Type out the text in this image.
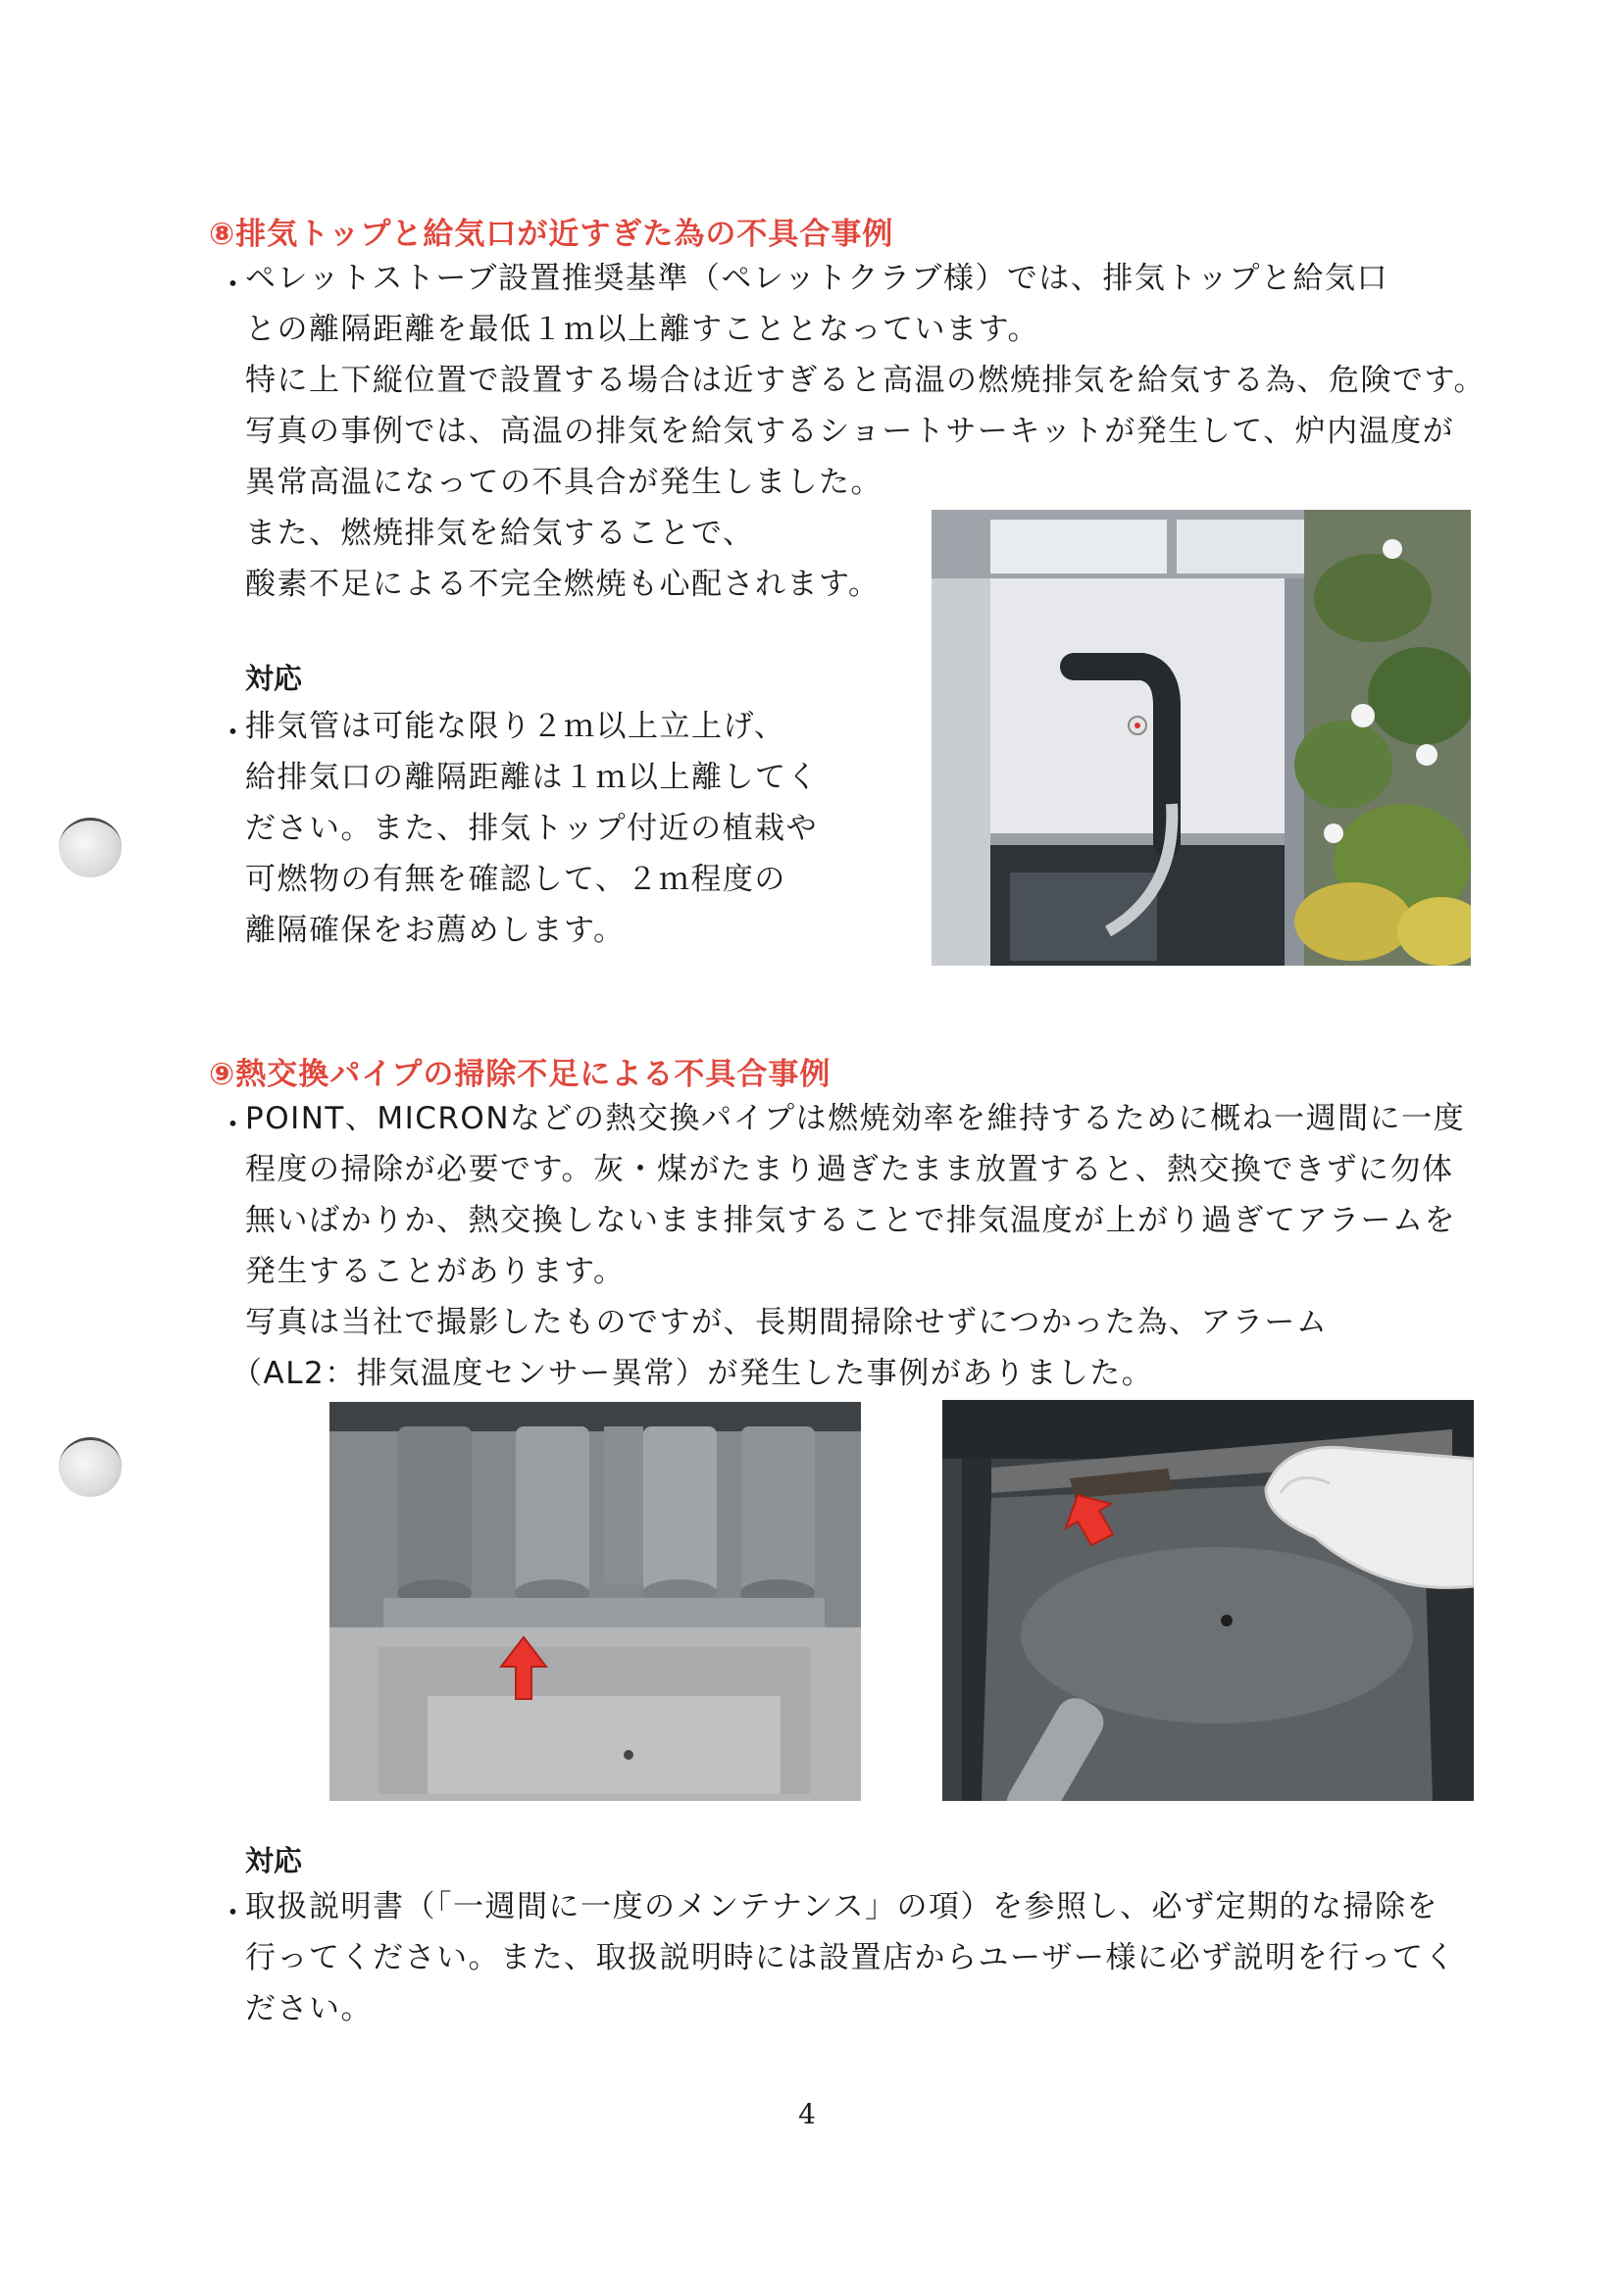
⑧排気トップと給気口が近すぎた為の不具合事例
・
ペレットストーブ設置推奨基準（ペレットクラブ様）では、排気トップと給気口
との離隔距離を最低１ｍ以上離すこととなっています。
特に上下縦位置で設置する場合は近すぎると高温の燃焼排気を給気する為、危険です。
写真の事例では、高温の排気を給気するショートサーキットが発生して、炉内温度が
異常高温になっての不具合が発生しました。
また、燃焼排気を給気することで、
酸素不足による不完全燃焼も心配されます。
対応
・
排気管は可能な限り２ｍ以上立上げ、
給排気口の離隔距離は１ｍ以上離してく
ださい。また、排気トップ付近の植栽や
可燃物の有無を確認して、２ｍ程度の
離隔確保をお薦めします。
⑨熱交換パイプの掃除不足による不具合事例
・
POINT、MICRONなどの熱交換パイプは燃焼効率を維持するために概ね一週間に一度
程度の掃除が必要です。灰・煤がたまり過ぎたまま放置すると、熱交換できずに勿体
無いばかりか、熱交換しないまま排気することで排気温度が上がり過ぎてアラームを
発生することがあります。
写真は当社で撮影したものですが、長期間掃除せずにつかった為、アラーム
（AL2：排気温度センサー異常）が発生した事例がありました。
対応
・
取扱説明書（「一週間に一度のメンテナンス」の項）を参照し、必ず定期的な掃除を
行ってください。また、取扱説明時には設置店からユーザー様に必ず説明を行ってく
ださい。
4
